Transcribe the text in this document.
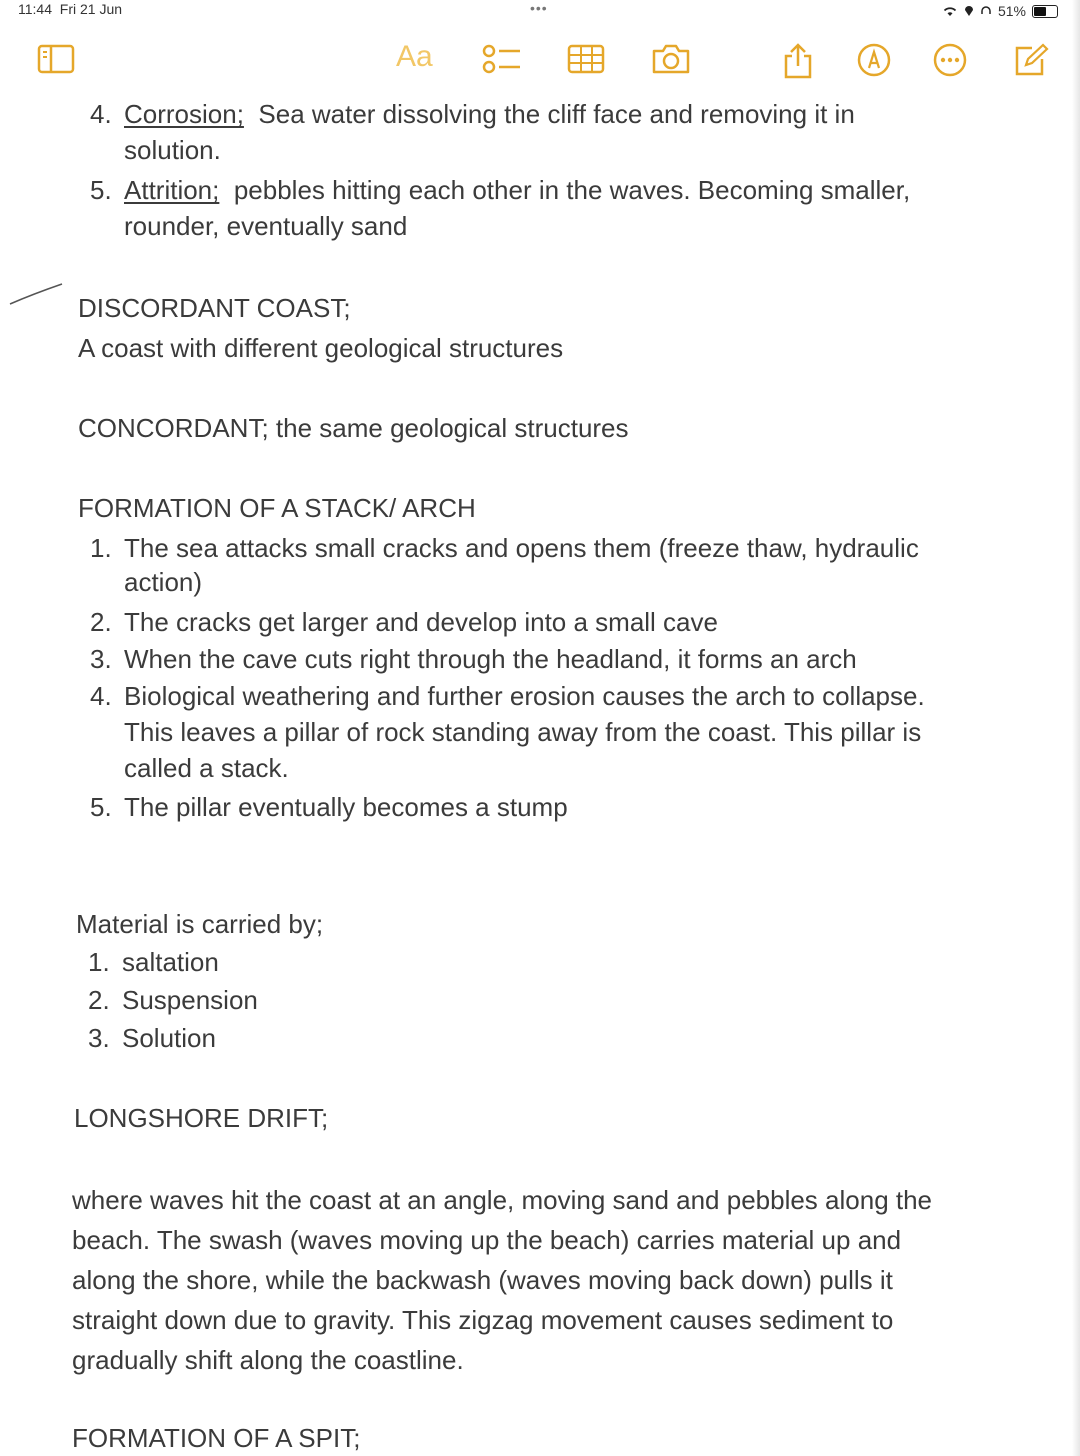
11:44 Fri 21 Jun	•••	51%
Aa
4. Corrosion; Sea water dissolving the cliff face and removing it in
solution.
5. Attrition; pebbles hitting each other in the waves. Becoming smaller,
rounder, eventually sand
DISCORDANT COAST;
A coast with different geological structures
CONCORDANT; the same geological structures
FORMATION OF A STACK/ ARCH
1. The sea attacks small cracks and opens them (freeze thaw, hydraulic
action)
2. The cracks get larger and develop into a small cave
3. When the cave cuts right through the headland, it forms an arch
4. Biological weathering and further erosion causes the arch to collapse.
This leaves a pillar of rock standing away from the coast. This pillar is
called a stack.
5. The pillar eventually becomes a stump
Material is carried by;
1. saltation
2. Suspension
3. Solution
LONGSHORE DRIFT;
where waves hit the coast at an angle, moving sand and pebbles along the
beach. The swash (waves moving up the beach) carries material up and
along the shore, while the backwash (waves moving back down) pulls it
straight down due to gravity. This zigzag movement causes sediment to
gradually shift along the coastline.
FORMATION OF A SPIT;
